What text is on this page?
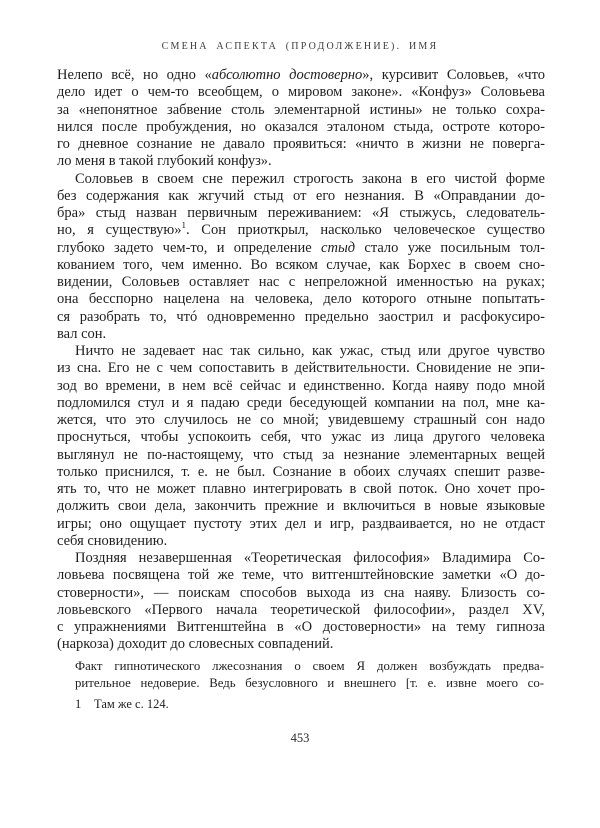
СМЕНА АСПЕКТА (ПРОДОЛЖЕНИЕ). ИМЯ
Нелепо всё, но одно «абсолютно достоверно», курсивит Соловьев, «что
дело идет о чем-то всеобщем, о мировом законе». «Конфуз» Соловьева
за «непонятное забвение столь элементарной истины» не только сохра-
нился после пробуждения, но оказался эталоном стыда, остроте которо-
го дневное сознание не давало проявиться: «ничто в жизни не поверга-
ло меня в такой глубокий конфуз».
Соловьев в своем сне пережил строгость закона в его чистой форме
без содержания как жгучий стыд от его незнания. В «Оправдании до-
бра» стыд назван первичным переживанием: «Я стыжусь, следователь-
но, я существую»$^1$. Сон приоткрыл, насколько человеческое существо
глубоко задето чем-то, и определение стыд стало уже посильным тол-
кованием того, чем именно. Во всяком случае, как Борхес в своем сно-
видении, Соловьев оставляет нас с непреложной именностью на руках;
она бесспорно нацелена на человека, дело которого отныне попытать-
ся разобрать то, чтó одновременно предельно заострил и расфокусиро-
вал сон.
Ничто не задевает нас так сильно, как ужас, стыд или другое чувство
из сна. Его не с чем сопоставить в действительности. Сновидение не эпи-
зод во времени, в нем всё сейчас и единственно. Когда наяву подо мной
подломился стул и я падаю среди беседующей компании на пол, мне ка-
жется, что это случилось не со мной; увидевшему страшный сон надо
проснуться, чтобы успокоить себя, что ужас из лица другого человека
выглянул не по-настоящему, что стыд за незнание элементарных вещей
только приснился, т. е. не был. Сознание в обоих случаях спешит разве-
ять то, что не может плавно интегрировать в свой поток. Оно хочет про-
должить свои дела, закончить прежние и включиться в новые языковые
игры; оно ощущает пустоту этих дел и игр, раздваивается, но не отдаст
себя сновидению.
Поздняя незавершенная «Теоретическая философия» Владимира Со-
ловьева посвящена той же теме, что витгенштейновские заметки «О до-
стоверности», — поискам способов выхода из сна наяву. Близость со-
ловьевского «Первого начала теоретической философии», раздел XV,
с упражнениями Витгенштейна в «О достоверности» на тему гипноза
(наркоза) доходит до словесных совпадений.
Факт гипнотического лжесознания о своем Я должен возбуждать предва-
рительное недоверие. Ведь безусловного и внешнего [т. е. извне моего со-
1 Там же с. 124.
453
